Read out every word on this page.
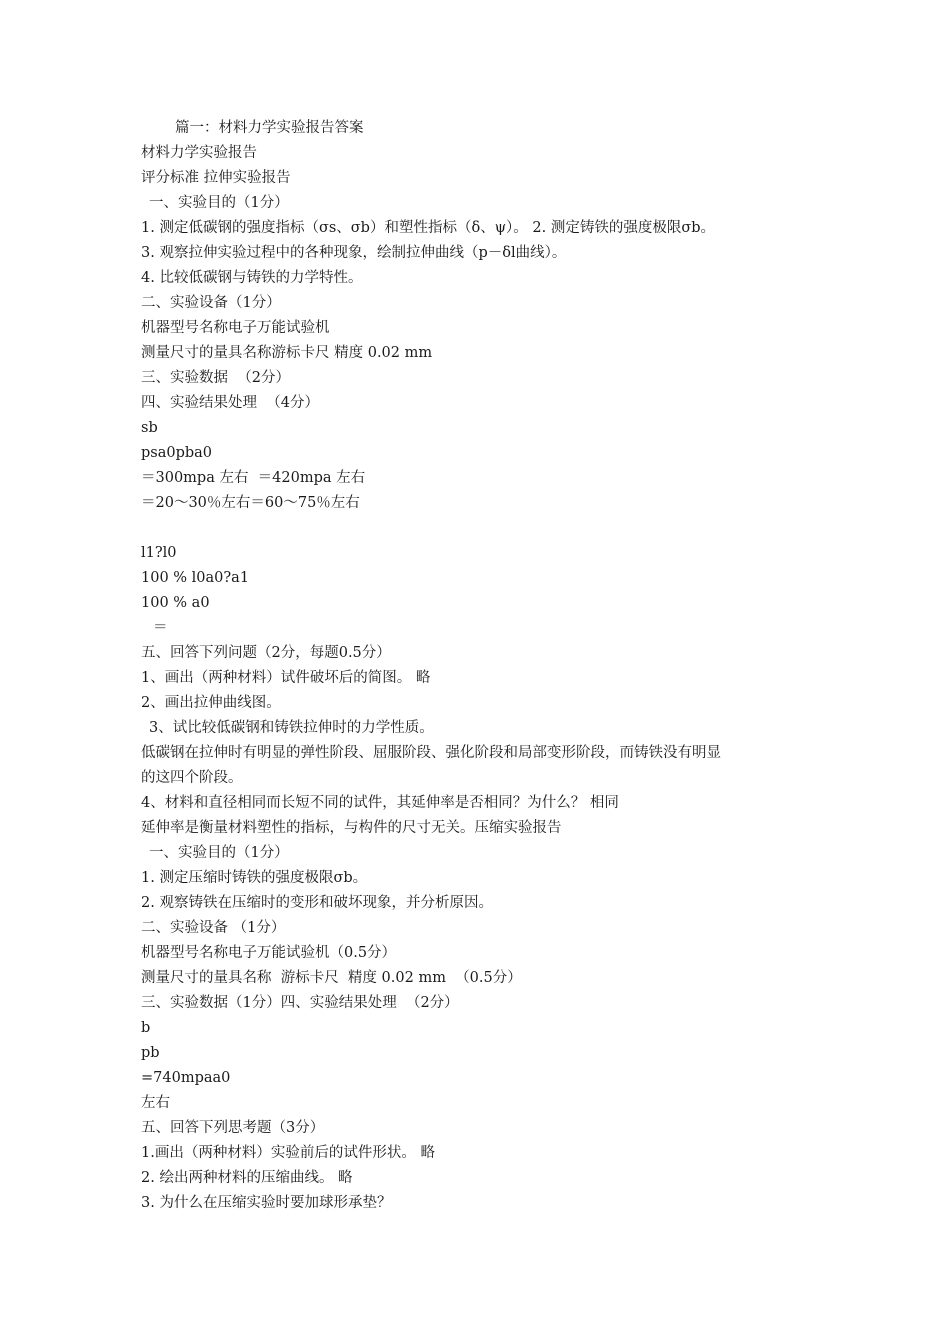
篇一：材料力学实验报告答案
材料力学实验报告
评分标准 拉伸实验报告
一、实验目的（1分）
1. 测定低碳钢的强度指标（σs、σb）和塑性指标（δ、ψ）。 2. 测定铸铁的强度极限σb。
3. 观察拉伸实验过程中的各种现象，绘制拉伸曲线（p－δl曲线）。
4. 比较低碳钢与铸铁的力学特性。
二、实验设备（1分）
机器型号名称电子万能试验机
测量尺寸的量具名称游标卡尺 精度 0.02 mm
三、实验数据  （2分）
四、实验结果处理  （4分）
sb
psa0pba0
＝300mpa 左右  ＝420mpa 左右
＝20～30％左右＝60～75％左右
l1?l0
100 % l0a0?a1
100 % a0
＝
五、回答下列问题（2分，每题0.5分）
1、画出（两种材料）试件破坏后的简图。 略
2、画出拉伸曲线图。
3、试比较低碳钢和铸铁拉伸时的力学性质。
低碳钢在拉伸时有明显的弹性阶段、屈服阶段、强化阶段和局部变形阶段，而铸铁没有明显
的这四个阶段。
4、材料和直径相同而长短不同的试件，其延伸率是否相同？为什么？ 相同
延伸率是衡量材料塑性的指标，与构件的尺寸无关。压缩实验报告
一、实验目的（1分）
1. 测定压缩时铸铁的强度极限σb。
2. 观察铸铁在压缩时的变形和破坏现象，并分析原因。
二、实验设备 （1分）
机器型号名称电子万能试验机（0.5分）
测量尺寸的量具名称  游标卡尺  精度 0.02 mm  （0.5分）
三、实验数据（1分）四、实验结果处理  （2分）
b
pb
=740mpaa0
左右
五、回答下列思考题（3分）
1.画出（两种材料）实验前后的试件形状。 略
2. 绘出两种材料的压缩曲线。 略
3. 为什么在压缩实验时要加球形承垫？
